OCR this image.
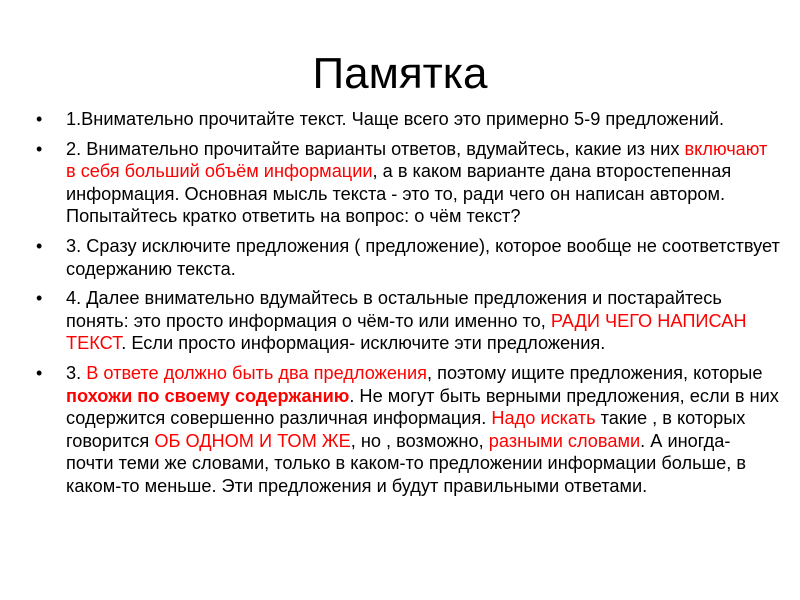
Памятка
•	1.Внимательно прочитайте текст. Чаще всего это примерно 5-9 предложений.
•	2. Внимательно прочитайте варианты ответов, вдумайтесь, какие из них включают в себя больший объём информации, а в каком варианте дана второстепенная информация. Основная мысль текста - это то, ради чего он написан автором. Попытайтесь кратко ответить на вопрос: о чём текст?
•	3. Сразу исключите предложения ( предложение), которое вообще не соответствует содержанию текста.
•	4. Далее внимательно вдумайтесь в остальные предложения и постарайтесь понять: это просто информация о чём-то или именно то, РАДИ ЧЕГО НАПИСАН ТЕКСТ. Если просто информация- исключите эти предложения.
•	3. В ответе должно быть два предложения, поэтому ищите предложения, которые похожи по своему содержанию. Не могут быть верными предложения, если в них содержится совершенно различная информация. Надо искать такие , в которых говорится ОБ ОДНОМ И ТОМ ЖЕ, но , возможно, разными словами. А иногда- почти теми же словами, только в каком-то предложении информации больше, в каком-то меньше. Эти предложения и будут правильными ответами.
